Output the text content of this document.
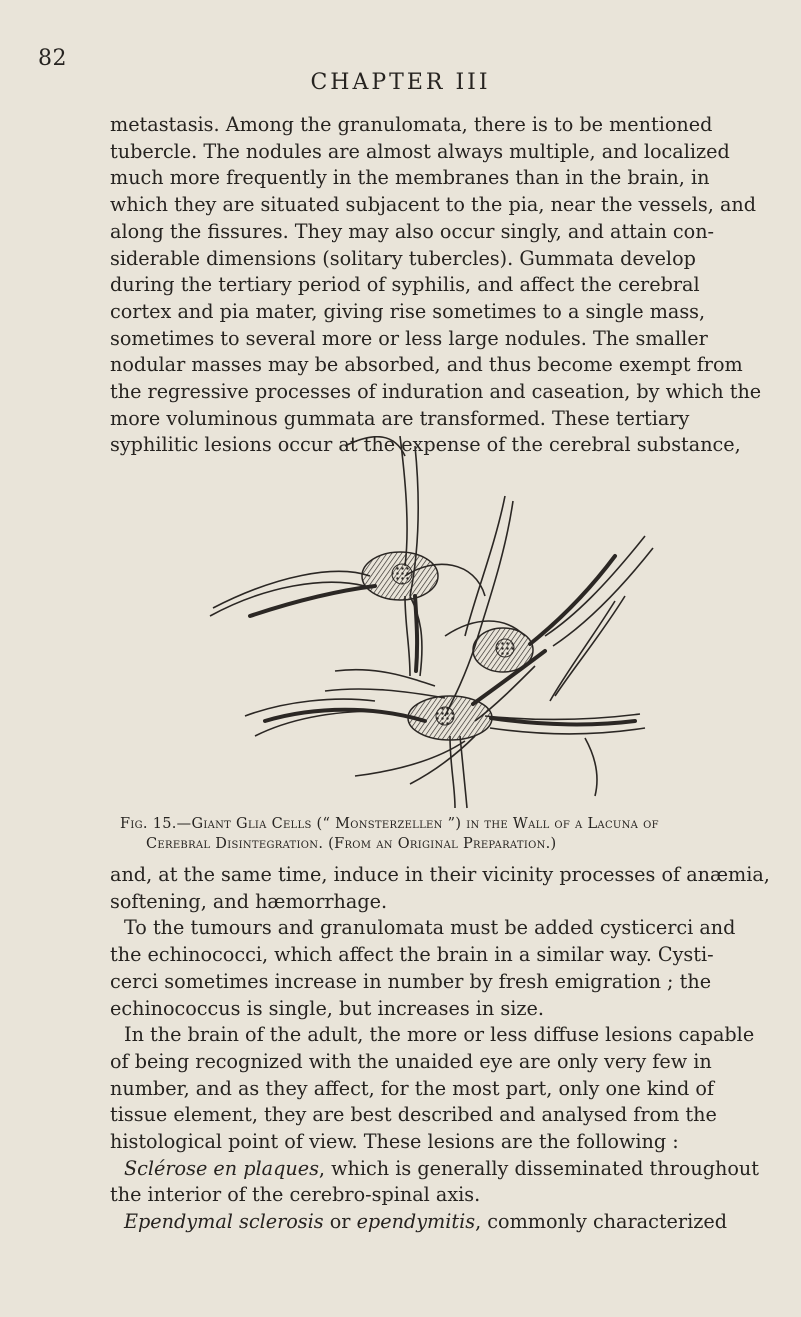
82
CHAPTER III
metastasis. Among the granulomata, there is to be mentioned
tubercle. The nodules are almost always multiple, and localized
much more frequently in the membranes than in the brain, in
which they are situated subjacent to the pia, near the vessels, and
along the fissures. They may also occur singly, and attain con-
siderable dimensions (solitary tubercles). Gummata develop
during the tertiary period of syphilis, and affect the cerebral
cortex and pia mater, giving rise sometimes to a single mass,
sometimes to several more or less large nodules. The smaller
nodular masses may be absorbed, and thus become exempt from
the regressive processes of induration and caseation, by which the
more voluminous gummata are transformed. These tertiary
syphilitic lesions occur at the expense of the cerebral substance,
Fig. 15.—Giant Glia Cells (“ Monsterzellen ”) in the Wall of a Lacuna of
Cerebral Disintegration. (From an Original Preparation.)
and, at the same time, induce in their vicinity processes of anæmia,
softening, and hæmorrhage.
To the tumours and granulomata must be added cysticerci and
the echinococci, which affect the brain in a similar way. Cysti-
cerci sometimes increase in number by fresh emigration ; the
echinococcus is single, but increases in size.
In the brain of the adult, the more or less diffuse lesions capable
of being recognized with the unaided eye are only very few in
number, and as they affect, for the most part, only one kind of
tissue element, they are best described and analysed from the
histological point of view. These lesions are the following :
Sclérose en plaques, which is generally disseminated throughout
the interior of the cerebro-spinal axis.
Ependymal sclerosis or ependymitis, commonly characterized
